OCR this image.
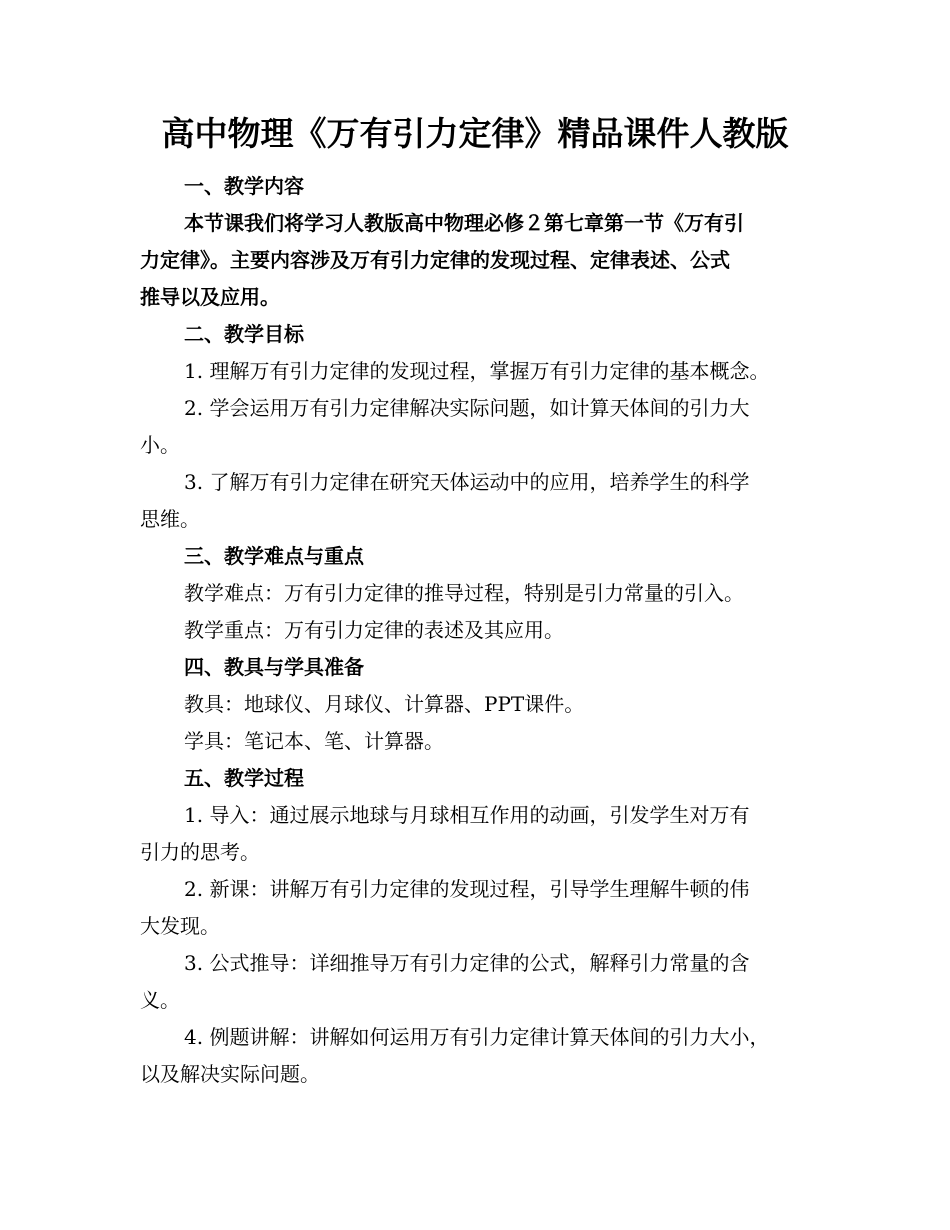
高中物理《万有引力定律》精品课件人教版
一、教学内容
本节课我们将学习人教版高中物理必修２第七章第一节《万有引
力定律》。主要内容涉及万有引力定律的发现过程、定律表述、公式
推导以及应用。
二、教学目标
1. 理解万有引力定律的发现过程，掌握万有引力定律的基本概念。
2. 学会运用万有引力定律解决实际问题，如计算天体间的引力大
小。
3. 了解万有引力定律在研究天体运动中的应用，培养学生的科学
思维。
三、教学难点与重点
教学难点：万有引力定律的推导过程，特别是引力常量的引入。
教学重点：万有引力定律的表述及其应用。
四、教具与学具准备
教具：地球仪、月球仪、计算器、PPT课件。
学具：笔记本、笔、计算器。
五、教学过程
1. 导入：通过展示地球与月球相互作用的动画，引发学生对万有
引力的思考。
2. 新课：讲解万有引力定律的发现过程，引导学生理解牛顿的伟
大发现。
3. 公式推导：详细推导万有引力定律的公式，解释引力常量的含
义。
4. 例题讲解：讲解如何运用万有引力定律计算天体间的引力大小，
以及解决实际问题。
